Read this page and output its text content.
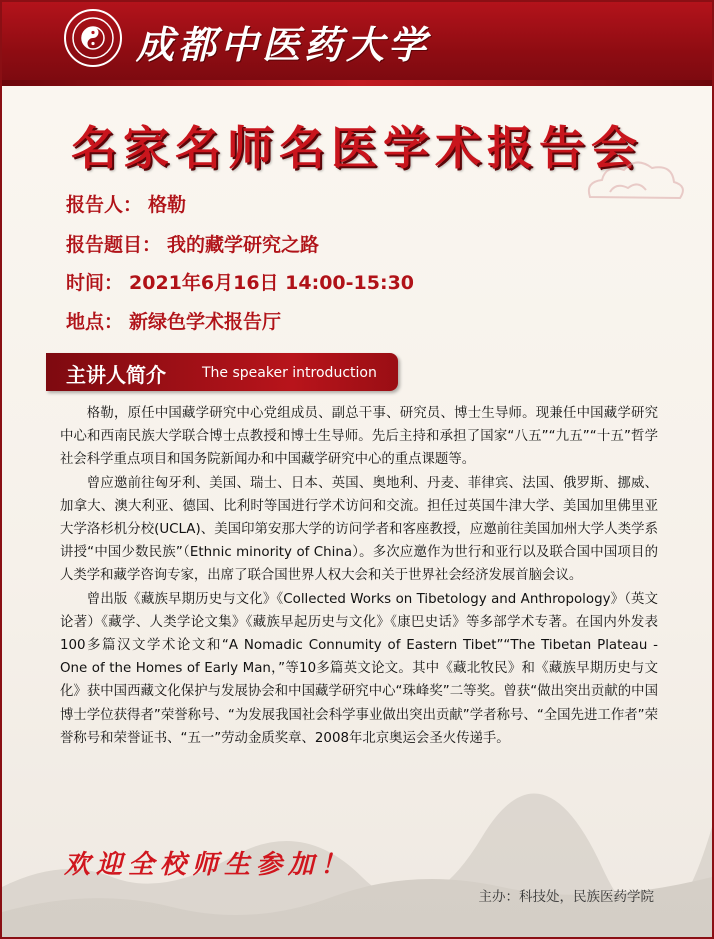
成都中医药大学
名家名师名医学术报告会
报告人： 格勒
报告题目： 我的藏学研究之路
时间： 2021年6月16日 14:00-15:30
地点： 新绿色学术报告厅
主讲人简介	The speaker introduction

格勒，原任中国藏学研究中心党组成员、副总干事、研究员、博士生导师。现兼任中国藏学研究中心和西南民族大学联合博士点教授和博士生导师。先后主持和承担了国家“八五”“九五”“十五”哲学社会科学重点项目和国务院新闻办和中国藏学研究中心的重点课题等。

曾应邀前往匈牙利、美国、瑞士、日本、英国、奥地利、丹麦、菲律宾、法国、俄罗斯、挪威、加拿大、澳大利亚、德国、比利时等国进行学术访问和交流。担任过英国牛津大学、美国加里佛里亚大学洛杉机分校(UCLA)、美国印第安那大学的访问学者和客座教授，应邀前往美国加州大学人类学系讲授“中国少数民族”（Ethnic minority of China）。多次应邀作为世行和亚行以及联合国中国项目的人类学和藏学咨询专家，出席了联合国世界人权大会和关于世界社会经济发展首脑会议。

曾出版《藏族早期历史与文化》《Collected Works on Tibetology and Anthropology》（英文论著）《藏学、人类学论文集》《藏族早起历史与文化》《康巴史话》等多部学术专著。在国内外发表100多篇汉文学术论文和“A Nomadic Connumity of Eastern Tibet”“The Tibetan Plateau - One of the Homes of Early Man，”等10多篇英文论文。其中《藏北牧民》和《藏族早期历史与文化》获中国西藏文化保护与发展协会和中国藏学研究中心“珠峰奖”二等奖。曾获“做出突出贡献的中国博士学位获得者”荣誉称号、“为发展我国社会科学事业做出突出贡献”学者称号、“全国先进工作者”荣誉称号和荣誉证书、“五一”劳动金质奖章、2008年北京奥运会圣火传递手。

欢迎全校师生参加！
主办：科技处，民族医药学院
